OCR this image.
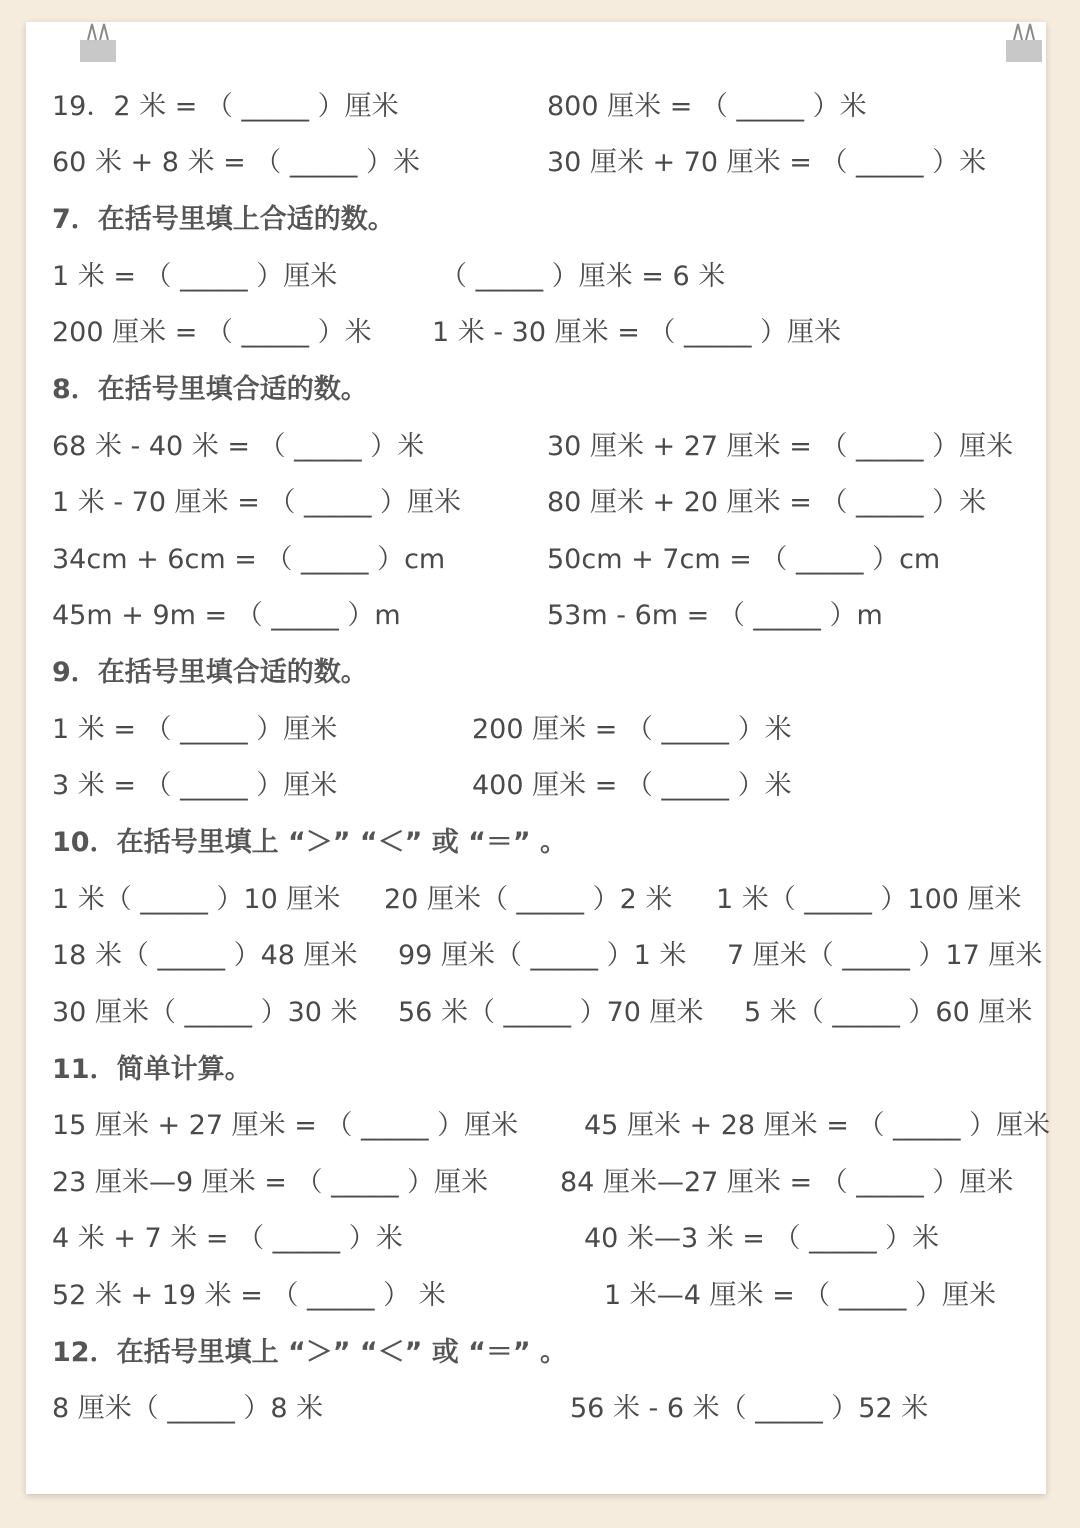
19．2 米 = （ _____ ）厘米	800 厘米 = （ _____ ）米
60 米 + 8 米 = （ _____ ）米	30 厘米 + 70 厘米 = （ _____ ）米
7．在括号里填上合适的数。
1 米 = （ _____ ）厘米	（ _____ ）厘米 = 6 米
200 厘米 = （ _____ ）米 1 米 - 30 厘米 = （ _____ ）厘米
8．在括号里填合适的数。
68 米 - 40 米 = （ _____ ）米	30 厘米 + 27 厘米 = （ _____ ）厘米
1 米 - 70 厘米 = （ _____ ）厘米	80 厘米 + 20 厘米 = （ _____ ）米
34cm + 6cm = （ _____ ）cm	50cm + 7cm = （ _____ ）cm
45m + 9m = （ _____ ）m	53m - 6m = （ _____ ）m
9．在括号里填合适的数。
1 米 = （ _____ ）厘米	200 厘米 = （ _____ ）米
3 米 = （ _____ ）厘米	400 厘米 = （ _____ ）米
10．在括号里填上 “＞” “＜” 或 “＝” 。
1 米（ _____ ）10 厘米 20 厘米（ _____ ）2 米 1 米（ _____ ）100 厘米
18 米（ _____ ）48 厘米 99 厘米（ _____ ）1 米 7 厘米（ _____ ）17 厘米
30 厘米（ _____ ）30 米 56 米（ _____ ）70 厘米 5 米（ _____ ）60 厘米
11．简单计算。
15 厘米 + 27 厘米 = （ _____ ）厘米 45 厘米 + 28 厘米 = （ _____ ）厘米
23 厘米—9 厘米 = （ _____ ）厘米	84 厘米—27 厘米 = （ _____ ）厘米
4 米 + 7 米 = （ _____ ）米	40 米—3 米 = （ _____ ）米
52 米 + 19 米 = （ _____ ） 米	1 米—4 厘米 = （ _____ ）厘米
12．在括号里填上 “＞” “＜” 或 “＝” 。
8 厘米（ _____ ）8 米	56 米 - 6 米（ _____ ）52 米
